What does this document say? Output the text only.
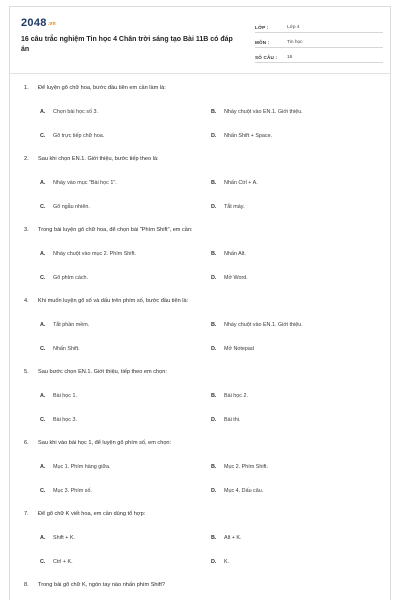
2048.vn
16 câu trắc nghiệm Tin học 4 Chân trời sáng tạo Bài 11B có đáp án
LỚP :	Lớp 4
MÔN :	Tin học
SỐ CÂU :	16
1. Để luyện gõ chữ hoa, bước đầu tiên em cần làm là:
A. Chọn bài học số 3.	B. Nháy chuột vào EN.1. Giới thiệu.
C. Gõ trực tiếp chữ hoa.	D. Nhấn Shift + Space.
2. Sau khi chọn EN.1. Giới thiệu, bước tiếp theo là:
A. Nháy vào mục "Bài học 1".	B. Nhấn Ctrl + A.
C. Gõ ngẫu nhiên.	D. Tắt máy.
3. Trong bài luyện gõ chữ hoa, để chọn bài "Phím Shift", em cần:
A. Nháy chuột vào mục 2. Phím Shift.	B. Nhấn Alt.
C. Gõ phím cách.	D. Mở Word.
4. Khi muốn luyện gõ số và dấu trên phím số, bước đầu tiên là:
A. Tắt phần mềm.	B. Nháy chuột vào EN.1. Giới thiệu.
C. Nhấn Shift.	D. Mở Notepad
5. Sau bước chọn EN.1. Giới thiệu, tiếp theo em chọn:
A. Bài học 1.	B. Bài học 2.
C. Bài học 3.	D. Bài thi.
6. Sau khi vào bài học 1, để luyện gõ phím số, em chọn:
A. Mục 1. Phím hàng giữa.	B. Mục 2. Phím Shift.
C. Mục 3. Phím số.	D. Mục 4. Dấu câu.
7. Để gõ chữ K viết hoa, em cần dùng tổ hợp:
A. Shift + K.	B. Alt + K.
C. Ctrl + K.	D. K.
8. Trong bài gõ chữ K, ngón tay nào nhấn phím Shift?
